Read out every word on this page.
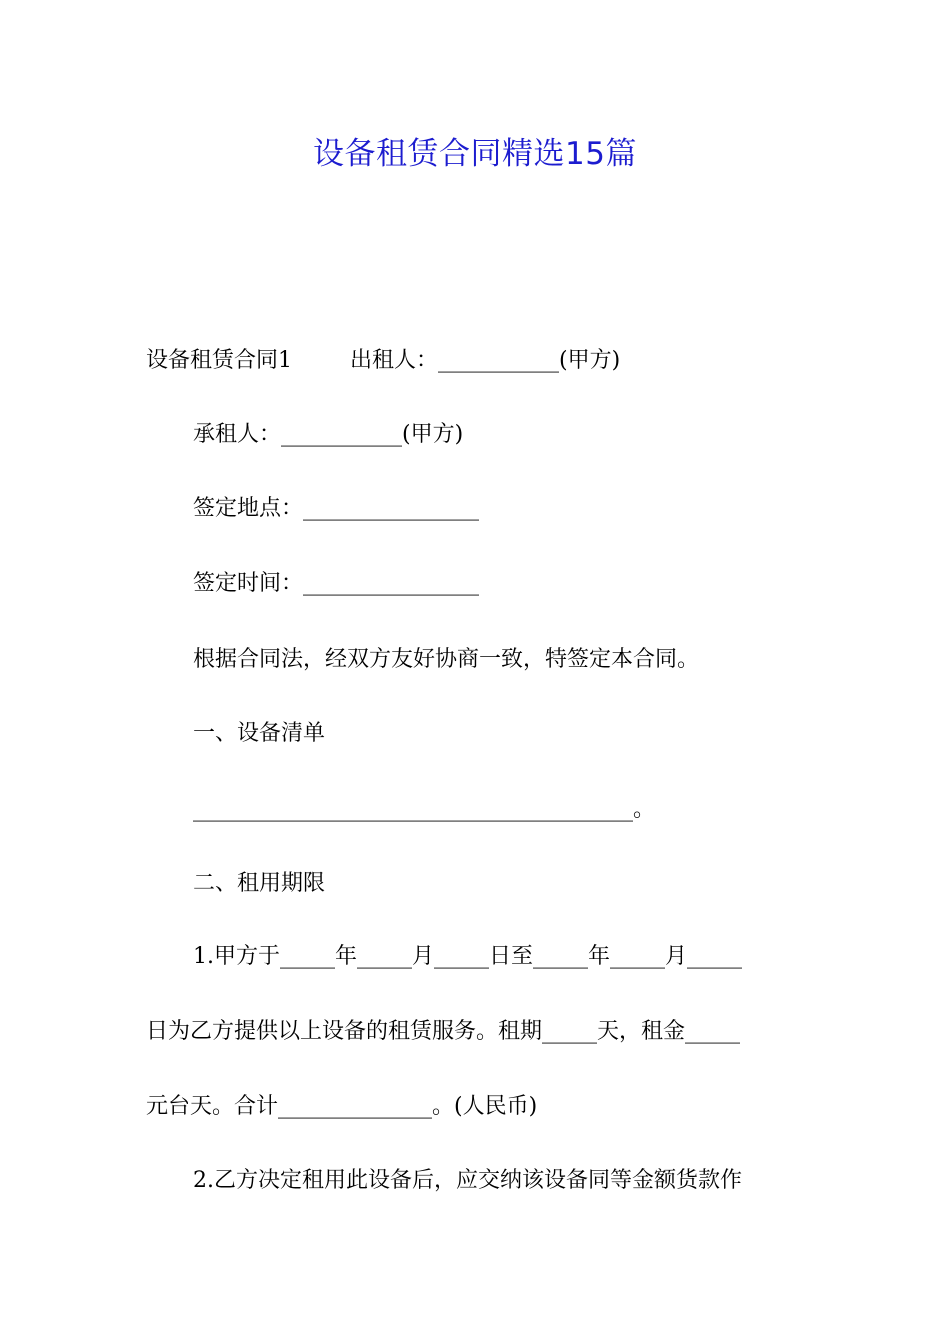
设备租赁合同精选15篇

设备租赁合同1	出租人：___________(甲方)

承租人：___________(甲方)

签定地点：________________

签定时间：________________

根据合同法，经双方友好协商一致，特签定本合同。

一、设备清单

________________________________________。

二、租用期限

1.甲方于_____年_____月_____日至_____年_____月_____

日为乙方提供以上设备的租赁服务。租期_____天，租金_____

元台天。合计______________。(人民币)

2.乙方决定租用此设备后，应交纳该设备同等金额货款作
